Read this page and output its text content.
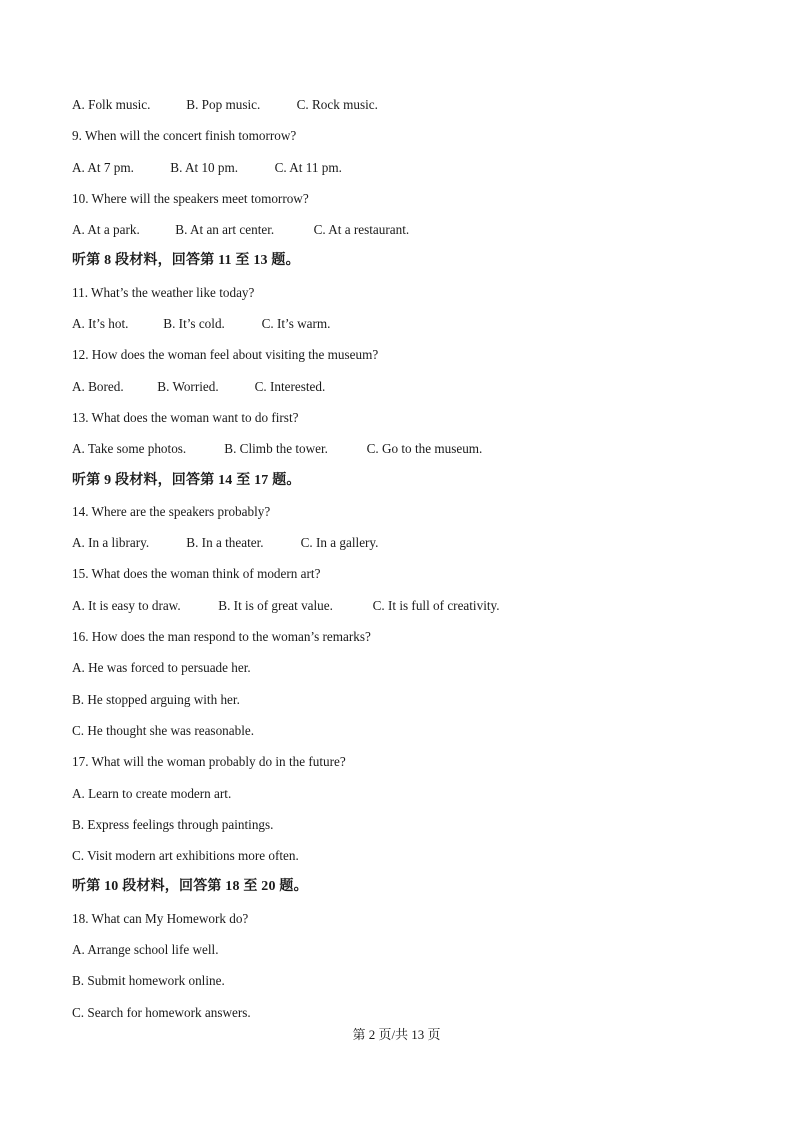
A. Folk music.	B. Pop music.	C. Rock music.
9. When will the concert finish tomorrow?
A. At 7 pm.	B. At 10 pm.	C. At 11 pm.
10. Where will the speakers meet tomorrow?
A. At a park.	B. At an art center.	C. At a restaurant.
听第 8 段材料，回答第 11 至 13 题。
11. What’s the weather like today?
A. It’s hot.	B. It’s cold.	C. It’s warm.
12. How does the woman feel about visiting the museum?
A. Bored.	B. Worried.	C. Interested.
13. What does the woman want to do first?
A. Take some photos.	B. Climb the tower.	C. Go to the museum.
听第 9 段材料，回答第 14 至 17 题。
14. Where are the speakers probably?
A. In a library.	B. In a theater.	C. In a gallery.
15. What does the woman think of modern art?
A. It is easy to draw.	B. It is of great value.	C. It is full of creativity.
16. How does the man respond to the woman’s remarks?
A. He was forced to persuade her.
B. He stopped arguing with her.
C. He thought she was reasonable.
17. What will the woman probably do in the future?
A. Learn to create modern art.
B. Express feelings through paintings.
C. Visit modern art exhibitions more often.
听第 10 段材料，回答第 18 至 20 题。
18. What can My Homework do?
A. Arrange school life well.
B. Submit homework online.
C. Search for homework answers.
第 2 页/共 13 页
